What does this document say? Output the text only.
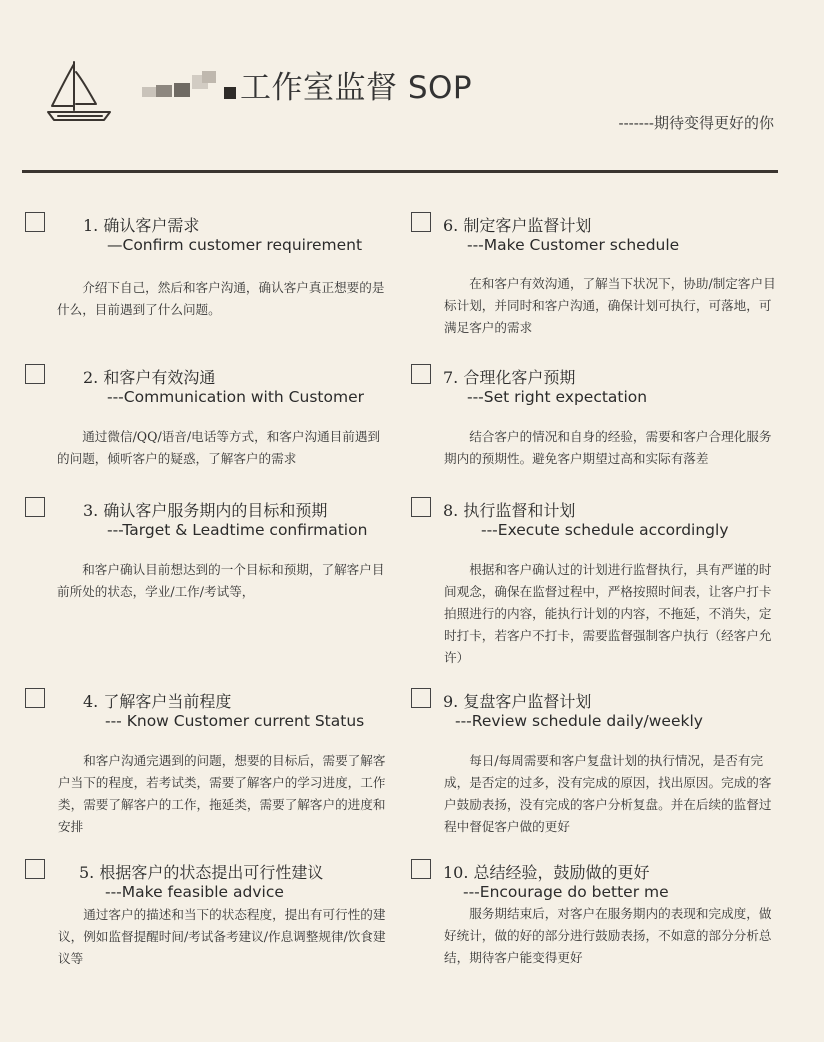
工作室监督 SOP
-------期待变得更好的你
1. 确认客户需求
—Confirm customer requirement
介绍下自己，然后和客户沟通，确认客户真正想要的是什么，目前遇到了什么问题。
6. 制定客户监督计划
---Make Customer schedule
在和客户有效沟通，了解当下状况下，协助/制定客户目标计划，并同时和客户沟通，确保计划可执行，可落地，可满足客户的需求
2. 和客户有效沟通
---Communication with Customer
通过微信/QQ/语音/电话等方式，和客户沟通目前遇到的问题，倾听客户的疑惑，了解客户的需求
7. 合理化客户预期
---Set right expectation
结合客户的情况和自身的经验，需要和客户合理化服务期内的预期性。避免客户期望过高和实际有落差
3. 确认客户服务期内的目标和预期
---Target & Leadtime confirmation
和客户确认目前想达到的一个目标和预期，了解客户目前所处的状态，学业/工作/考试等，
8. 执行监督和计划
---Execute schedule accordingly
根据和客户确认过的计划进行监督执行，具有严谨的时间观念，确保在监督过程中，严格按照时间表，让客户打卡拍照进行的内容，能执行计划的内容，不拖延，不消失，定时打卡，若客户不打卡，需要监督强制客户执行（经客户允许）
4. 了解客户当前程度
--- Know Customer current Status
和客户沟通完遇到的问题，想要的目标后，需要了解客户当下的程度，若考试类，需要了解客户的学习进度，工作类，需要了解客户的工作，拖延类，需要了解客户的进度和安排
9. 复盘客户监督计划
---Review schedule daily/weekly
每日/每周需要和客户复盘计划的执行情况，是否有完成，是否定的过多，没有完成的原因，找出原因。完成的客户鼓励表扬，没有完成的客户分析复盘。并在后续的监督过程中督促客户做的更好
5. 根据客户的状态提出可行性建议
---Make feasible advice
通过客户的描述和当下的状态程度，提出有可行性的建议，例如监督提醒时间/考试备考建议/作息调整规律/饮食建议等
10. 总结经验，鼓励做的更好
---Encourage do better me
服务期结束后，对客户在服务期内的表现和完成度，做好统计，做的好的部分进行鼓励表扬，不如意的部分分析总结，期待客户能变得更好
